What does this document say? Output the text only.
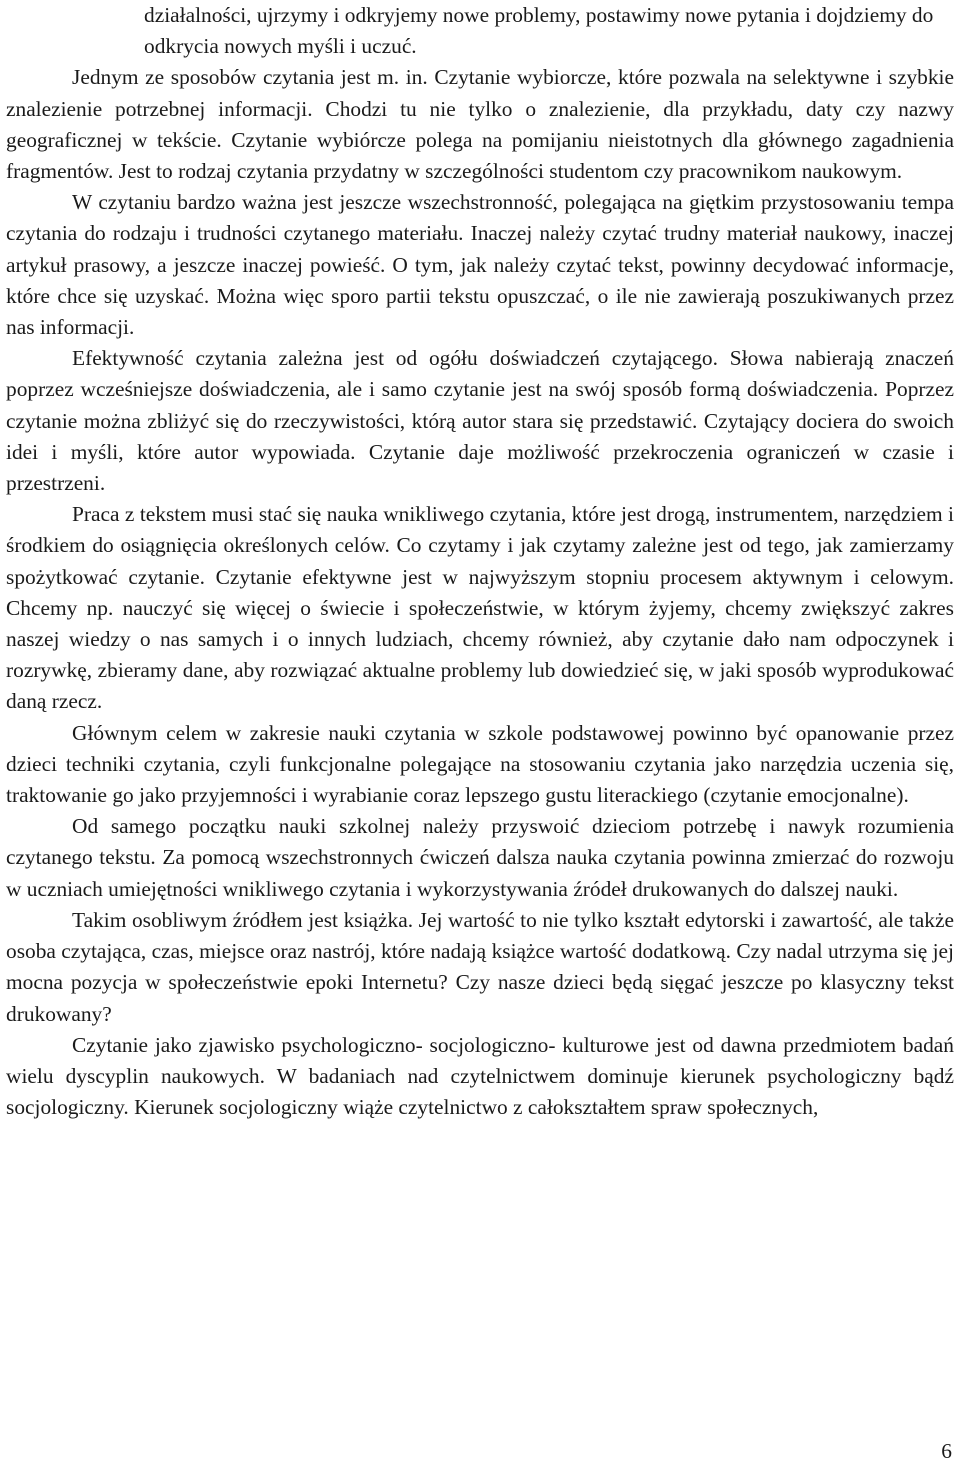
działalności, ujrzymy i odkryjemy nowe problemy, postawimy nowe pytania i dojdziemy do odkrycia nowych myśli i uczuć.

Jednym ze sposobów czytania jest m. in. Czytanie wybiorcze, które pozwala na selektywne i szybkie znalezienie potrzebnej informacji. Chodzi tu nie tylko o znalezienie, dla przykładu, daty czy nazwy geograficznej w tekście. Czytanie wybiórcze polega na pomijaniu nieistotnych dla głównego zagadnienia fragmentów. Jest to rodzaj czytania przydatny w szczególności studentom czy pracownikom naukowym.

W czytaniu bardzo ważna jest jeszcze wszechstronność, polegająca na giętkim przystosowaniu tempa czytania do rodzaju i trudności czytanego materiału. Inaczej należy czytać trudny materiał naukowy, inaczej artykuł prasowy, a jeszcze inaczej powieść. O tym, jak należy czytać tekst, powinny decydować informacje, które chce się uzyskać. Można więc sporo partii tekstu opuszczać, o ile nie zawierają poszukiwanych przez nas informacji.

Efektywność czytania zależna jest od ogółu doświadczeń czytającego. Słowa nabierają znaczeń poprzez wcześniejsze doświadczenia, ale i samo czytanie jest na swój sposób formą doświadczenia. Poprzez czytanie można zbliżyć się do rzeczywistości, którą autor stara się przedstawić. Czytający dociera do swoich idei i myśli, które autor wypowiada. Czytanie daje możliwość przekroczenia ograniczeń w czasie i przestrzeni.

Praca z tekstem musi stać się nauka wnikliwego czytania, które jest drogą, instrumentem, narzędziem i środkiem do osiągnięcia określonych celów. Co czytamy i jak czytamy zależne jest od tego, jak zamierzamy spożytkować czytanie. Czytanie efektywne jest w najwyższym stopniu procesem aktywnym i celowym. Chcemy np. nauczyć się więcej o świecie i społeczeństwie, w którym żyjemy, chcemy zwiększyć zakres naszej wiedzy o nas samych i o innych ludziach, chcemy również, aby czytanie dało nam odpoczynek i rozrywkę, zbieramy dane, aby rozwiązać aktualne problemy lub dowiedzieć się, w jaki sposób wyprodukować daną rzecz.

Głównym celem w zakresie nauki czytania w szkole podstawowej powinno być opanowanie przez dzieci techniki czytania, czyli funkcjonalne polegające na stosowaniu czytania jako narzędzia uczenia się, traktowanie go jako przyjemności i wyrabianie coraz lepszego gustu literackiego (czytanie emocjonalne).

Od samego początku nauki szkolnej należy przyswoić dzieciom potrzebę i nawyk rozumienia czytanego tekstu. Za pomocą wszechstronnych ćwiczeń dalsza nauka czytania powinna zmierzać do rozwoju w uczniach umiejętności wnikliwego czytania i wykorzystywania źródeł drukowanych do dalszej nauki.

Takim osobliwym źródłem jest książka. Jej wartość to nie tylko kształt edytorski i zawartość, ale także osoba czytająca, czas, miejsce oraz nastrój, które nadają książce wartość dodatkową. Czy nadal utrzyma się jej mocna pozycja w społeczeństwie epoki Internetu? Czy nasze dzieci będą sięgać jeszcze po klasyczny tekst drukowany?

Czytanie jako zjawisko psychologiczno- socjologiczno- kulturowe jest od dawna przedmiotem badań wielu dyscyplin naukowych. W badaniach nad czytelnictwem dominuje kierunek psychologiczny bądź socjologiczny. Kierunek socjologiczny wiąże czytelnictwo z całokształtem spraw społecznych,

6
